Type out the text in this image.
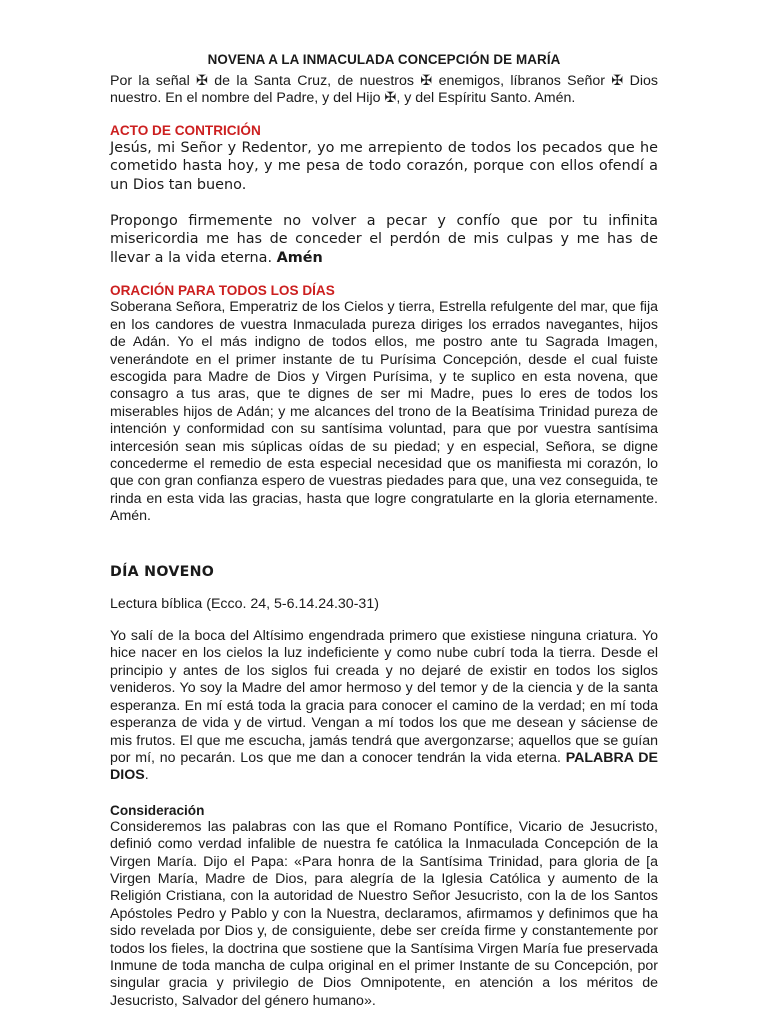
NOVENA A LA INMACULADA CONCEPCIÓN DE MARÍA

Por la señal ✠ de la Santa Cruz, de nuestros ✠ enemigos, líbranos Señor ✠ Dios nuestro. En el nombre del Padre, y del Hijo ✠, y del Espíritu Santo. Amén.

ACTO DE CONTRICIÓN

Jesús, mi Señor y Redentor, yo me arrepiento de todos los pecados que he cometido hasta hoy, y me pesa de todo corazón, porque con ellos ofendí a un Dios tan bueno.

Propongo firmemente no volver a pecar y confío que por tu infinita misericordia me has de conceder el perdón de mis culpas y me has de llevar a la vida eterna. Amén

ORACIÓN PARA TODOS LOS DÍAS

Soberana Señora, Emperatriz de los Cielos y tierra, Estrella refulgente del mar, que fija en los candores de vuestra Inmaculada pureza diriges los errados navegantes, hijos de Adán. Yo el más indigno de todos ellos, me postro ante tu Sagrada Imagen, venerándote en el primer instante de tu Purísima Concepción, desde el cual fuiste escogida para Madre de Dios y Virgen Purísima, y te suplico en esta novena, que consagro a tus aras, que te dignes de ser mi Madre, pues lo eres de todos los miserables hijos de Adán; y me alcances del trono de la Beatísima Trinidad pureza de intención y conformidad con su santísima voluntad, para que por vuestra santísima intercesión sean mis súplicas oídas de su piedad; y en especial, Señora, se digne concederme el remedio de esta especial necesidad que os manifiesta mi corazón, lo que con gran confianza espero de vuestras piedades para que, una vez conseguida, te rinda en esta vida las gracias, hasta que logre congratularte en la gloria eternamente. Amén.

DÍA NOVENO

Lectura bíblica (Ecco. 24, 5-6.14.24.30-31)

Yo salí de la boca del Altísimo engendrada primero que existiese ninguna criatura. Yo hice nacer en los cielos la luz indeficiente y como nube cubrí toda la tierra. Desde el principio y antes de los siglos fui creada y no dejaré de existir en todos los siglos venideros. Yo soy la Madre del amor hermoso y del temor y de la ciencia y de la santa esperanza. En mí está toda la gracia para conocer el camino de la verdad; en mí toda esperanza de vida y de virtud. Vengan a mí todos los que me desean y sáciense de mis frutos. El que me escucha, jamás tendrá que avergonzarse; aquellos que se guían por mí, no pecarán. Los que me dan a conocer tendrán la vida eterna. PALABRA DE DIOS.

Consideración

Consideremos las palabras con las que el Romano Pontífice, Vicario de Jesucristo, definió como verdad infalible de nuestra fe católica la Inmaculada Concepción de la Virgen María. Dijo el Papa: «Para honra de la Santísima Trinidad, para gloria de [a Virgen María, Madre de Dios, para alegría de la Iglesia Católica y aumento de la Religión Cristiana, con la autoridad de Nuestro Señor Jesucristo, con la de los Santos Apóstoles Pedro y Pablo y con la Nuestra, declaramos, afirmamos y definimos que ha sido revelada por Dios y, de consiguiente, debe ser creída firme y constantemente por todos los fieles, la doctrina que sostiene que la Santísima Virgen María fue preservada Inmune de toda mancha de culpa original en el primer Instante de su Concepción, por singular gracia y privilegio de Dios Omnipotente, en atención a los méritos de Jesucristo, Salvador del género humano».
